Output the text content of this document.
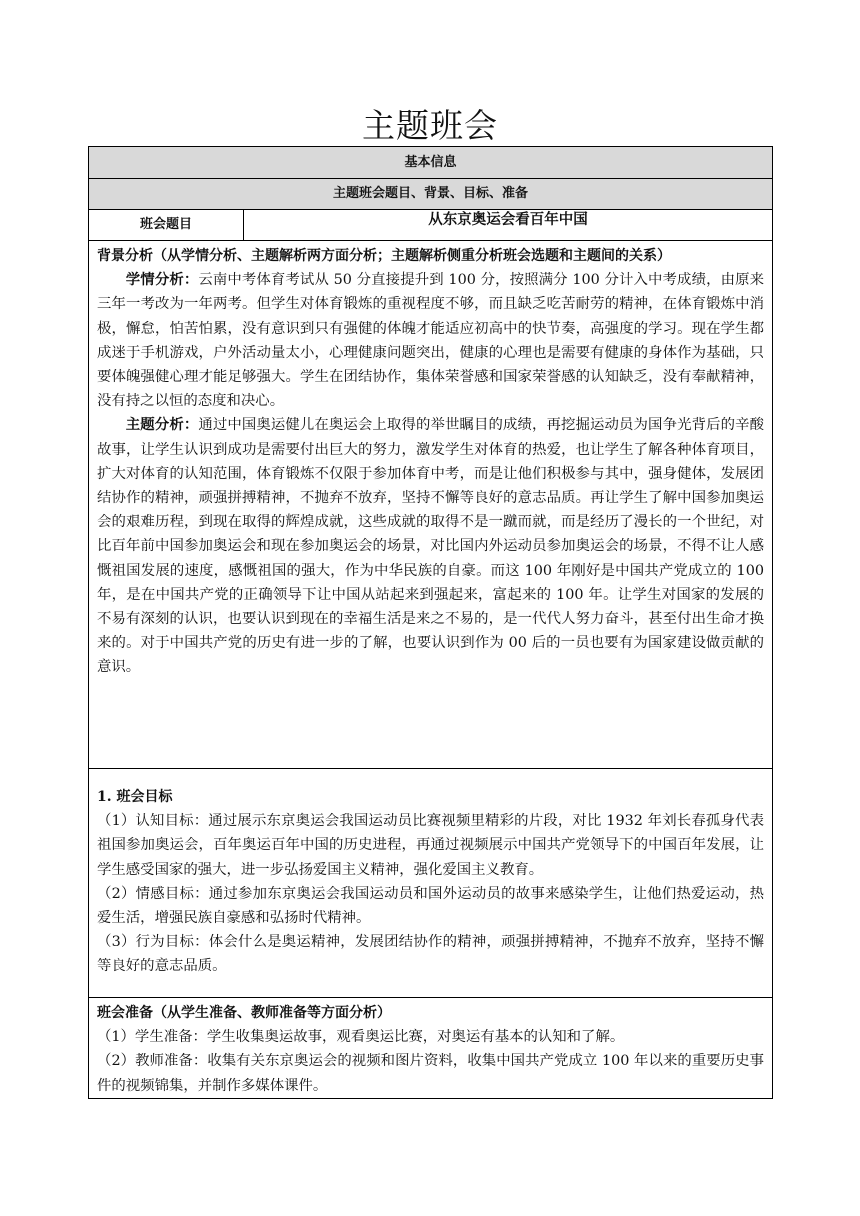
主题班会
基本信息
主题班会题目、背景、目标、准备
班会题目	从东京奥运会看百年中国

背景分析（从学情分析、主题解析两方面分析；主题解析侧重分析班会选题和主题间的关系）

学情分析：云南中考体育考试从 50 分直接提升到 100 分，按照满分 100 分计入中考成绩，由原来三年一考改为一年两考。但学生对体育锻炼的重视程度不够，而且缺乏吃苦耐劳的精神，在体育锻炼中消极，懈怠，怕苦怕累，没有意识到只有强健的体魄才能适应初高中的快节奏，高强度的学习。现在学生都成迷于手机游戏，户外活动量太小，心理健康问题突出，健康的心理也是需要有健康的身体作为基础，只要体魄强健心理才能足够强大。学生在团结协作，集体荣誉感和国家荣誉感的认知缺乏，没有奉献精神，没有持之以恒的态度和决心。

主题分析：通过中国奥运健儿在奥运会上取得的举世瞩目的成绩，再挖掘运动员为国争光背后的辛酸故事，让学生认识到成功是需要付出巨大的努力，激发学生对体育的热爱，也让学生了解各种体育项目，扩大对体育的认知范围，体育锻炼不仅限于参加体育中考，而是让他们积极参与其中，强身健体，发展团结协作的精神，顽强拼搏精神，不抛弃不放弃，坚持不懈等良好的意志品质。再让学生了解中国参加奥运会的艰难历程，到现在取得的辉煌成就，这些成就的取得不是一蹴而就，而是经历了漫长的一个世纪，对比百年前中国参加奥运会和现在参加奥运会的场景，对比国内外运动员参加奥运会的场景，不得不让人感慨祖国发展的速度，感慨祖国的强大，作为中华民族的自豪。而这 100 年刚好是中国共产党成立的 100 年，是在中国共产党的正确领导下让中国从站起来到强起来，富起来的 100 年。让学生对国家的发展的不易有深刻的认识，也要认识到现在的幸福生活是来之不易的，是一代代人努力奋斗，甚至付出生命才换来的。对于中国共产党的历史有进一步的了解，也要认识到作为 00 后的一员也要有为国家建设做贡献的意识。

1. 班会目标

（1）认知目标：通过展示东京奥运会我国运动员比赛视频里精彩的片段，对比 1932 年刘长春孤身代表祖国参加奥运会，百年奥运百年中国的历史进程，再通过视频展示中国共产党领导下的中国百年发展，让学生感受国家的强大，进一步弘扬爱国主义精神，强化爱国主义教育。

（2）情感目标：通过参加东京奥运会我国运动员和国外运动员的故事来感染学生，让他们热爱运动，热爱生活，增强民族自豪感和弘扬时代精神。

（3）行为目标：体会什么是奥运精神，发展团结协作的精神，顽强拼搏精神，不抛弃不放弃，坚持不懈等良好的意志品质。

班会准备（从学生准备、教师准备等方面分析）

（1）学生准备：学生收集奥运故事，观看奥运比赛，对奥运有基本的认知和了解。

（2）教师准备：收集有关东京奥运会的视频和图片资料，收集中国共产党成立 100 年以来的重要历史事件的视频锦集，并制作多媒体课件。
